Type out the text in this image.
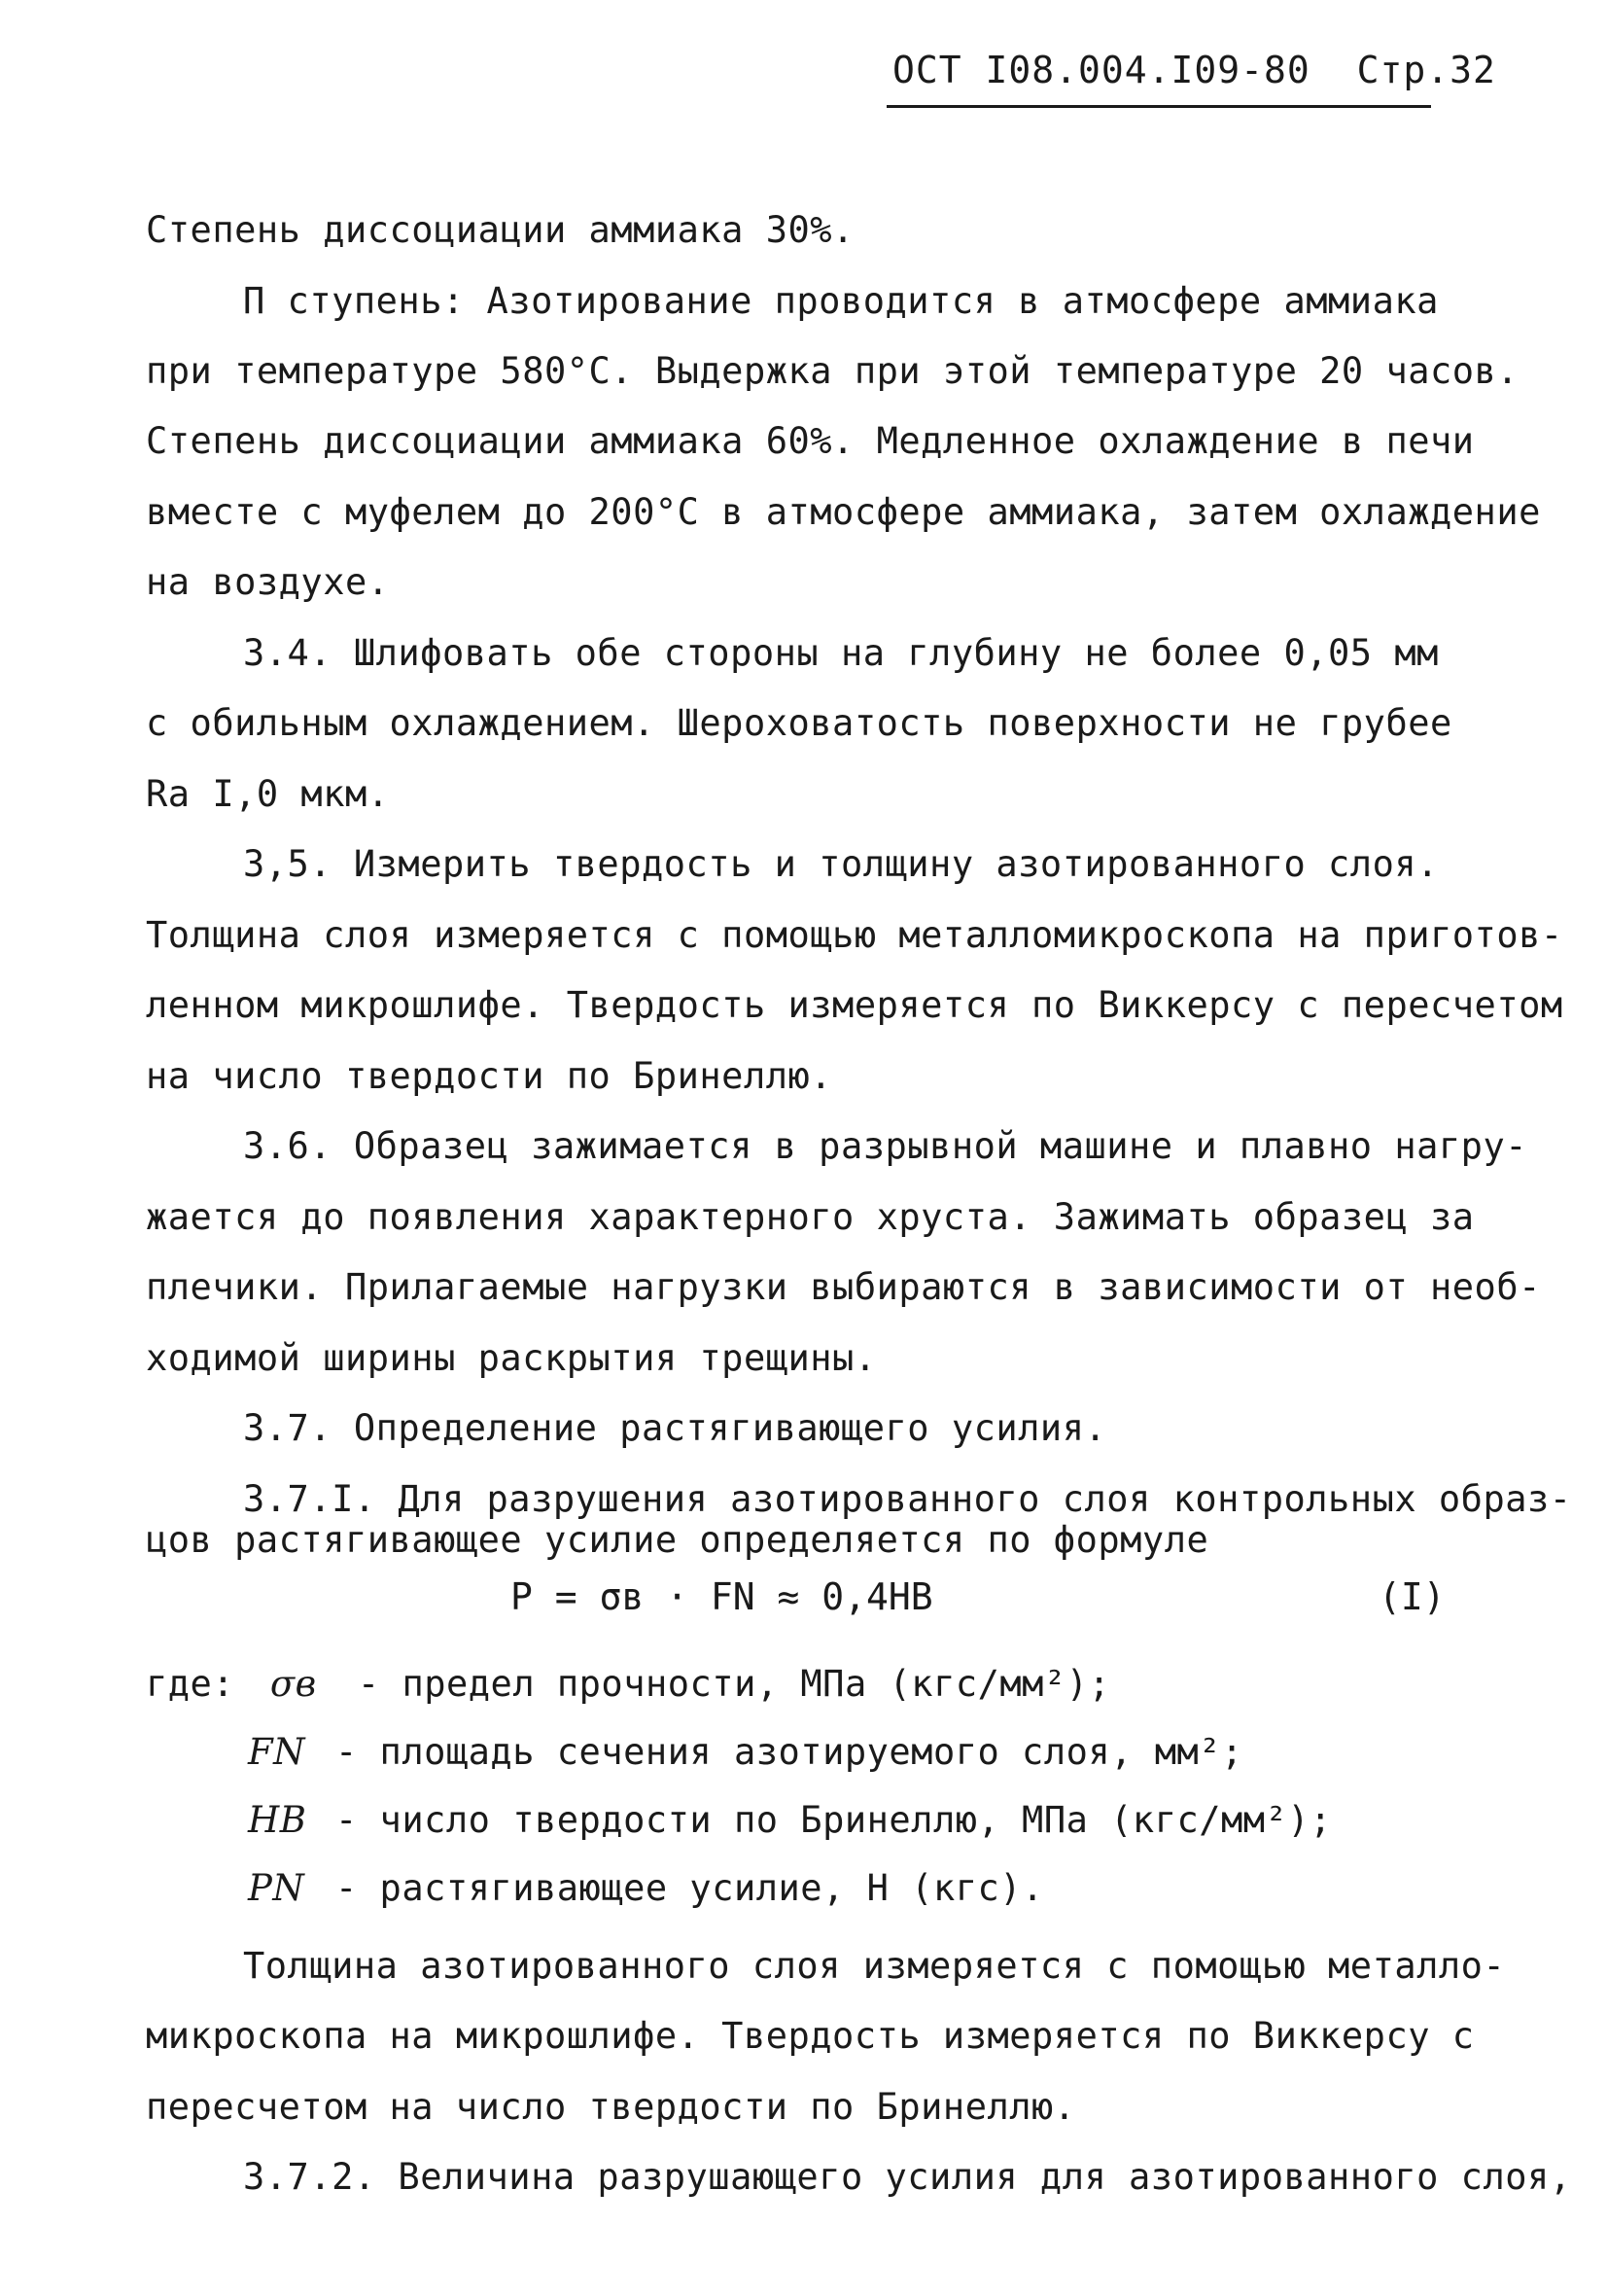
ОСТ I08.004.I09-80 Стр.32
Степень диссоциации аммиака 30%.
П ступень: Азотирование проводится в атмосфере аммиака
при температуре 580°С. Выдержка при этой температуре 20 часов.
Степень диссоциации аммиака 60%. Медленное охлаждение в печи
вместе с муфелем до 200°С в атмосфере аммиака, затем охлаждение
на воздухе.
3.4. Шлифовать обе стороны на глубину не более 0,05 мм
с обильным охлаждением. Шероховатость поверхности не грубее
Ra I,0 мкм.
3,5. Измерить твердость и толщину азотированного слоя.
Толщина слоя измеряется с помощью металломикроскопа на приготов-
ленном микрошлифе. Твердость измеряется по Виккерсу с пересчетом
на число твердости по Бринеллю.
3.6. Образец зажимается в разрывной машине и плавно нагру-
жается до появления характерного хруста. Зажимать образец за
плечики. Прилагаемые нагрузки выбираются в зависимости от необ-
ходимой ширины раскрытия трещины.
3.7. Определение растягивающего усилия.
3.7.I. Для разрушения азотированного слоя контрольных образ-
цов растягивающее усилие определяется по формуле
P = σв · FN ≈ 0,4HB	(I)
где: σв - предел прочности, МПа (кгс/мм²);
FN - площадь сечения азотируемого слоя, мм²;
HB - число твердости по Бринеллю, МПа (кгс/мм²);
PN - растягивающее усилие, Н (кгс).
Толщина азотированного слоя измеряется с помощью металло-
микроскопа на микрошлифе. Твердость измеряется по Виккерсу с
пересчетом на число твердости по Бринеллю.
3.7.2. Величина разрушающего усилия для азотированного слоя,
